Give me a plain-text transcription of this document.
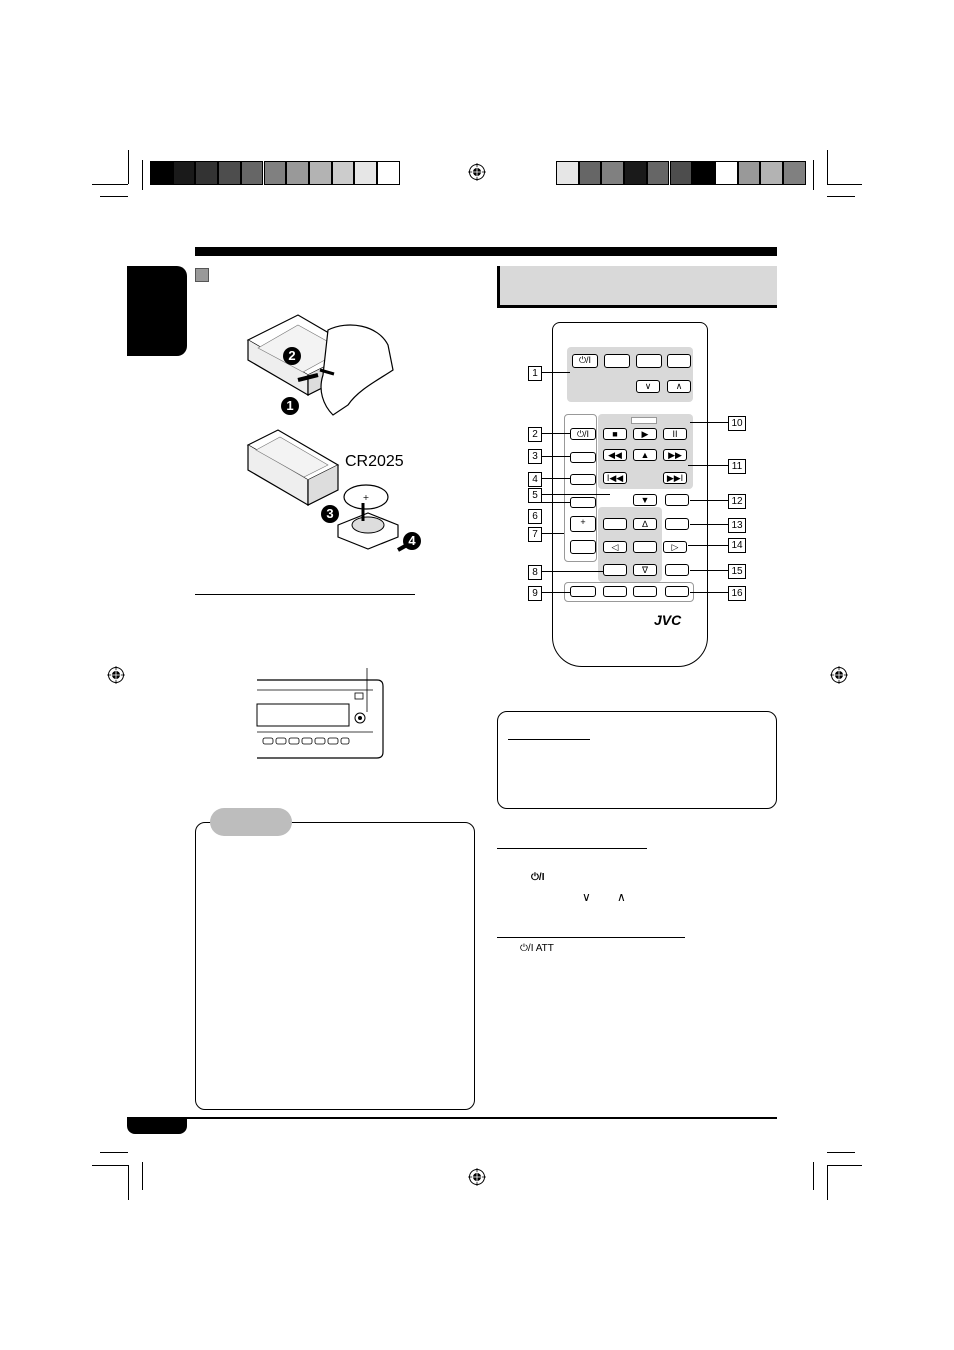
2
1
+
CR2025
3
4
⏻/I
∨	∧
⏻/I
+
■	▶	II
◀◀	▲	▶▶
I◀◀	▶▶I
▼
∆
◁	▷
∇
JVC
1
2
3
4
5
6
7
8
9
10
11
12
13
14
15
16
⏻/I
∨ ∧
⏻/I ATT
